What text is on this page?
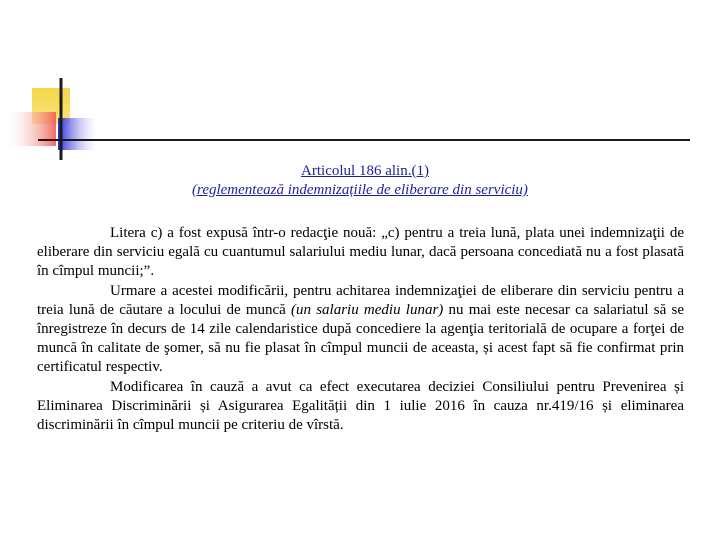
Articolul 186 alin.(1)
(reglementează indemnizațiile de eliberare din serviciu)

Litera c) a fost expusă într-o redacţie nouă: „c) pentru a treia lună, plata unei indemnizaţii de eliberare din serviciu egală cu cuantumul salariului mediu lunar, dacă persoana concediată nu a fost plasată în cîmpul muncii;”.

Urmare a acestei modificării, pentru achitarea indemnizaţiei de eliberare din serviciu pentru a treia lună de căutare a locului de muncă (un salariu mediu lunar) nu mai este necesar ca salariatul să se înregistreze în decurs de 14 zile calendaristice după concediere la agenţia teritorială de ocupare a forţei de muncă în calitate de şomer, să nu fie plasat în cîmpul muncii de aceasta, și acest fapt să fie confirmat prin certificatul respectiv.

Modificarea în cauză a avut ca efect executarea deciziei Consiliului pentru Prevenirea și Eliminarea Discriminării și Asigurarea Egalității din 1 iulie 2016 în cauza nr.419/16 și eliminarea discriminării în cîmpul muncii pe criteriu de vîrstă.
